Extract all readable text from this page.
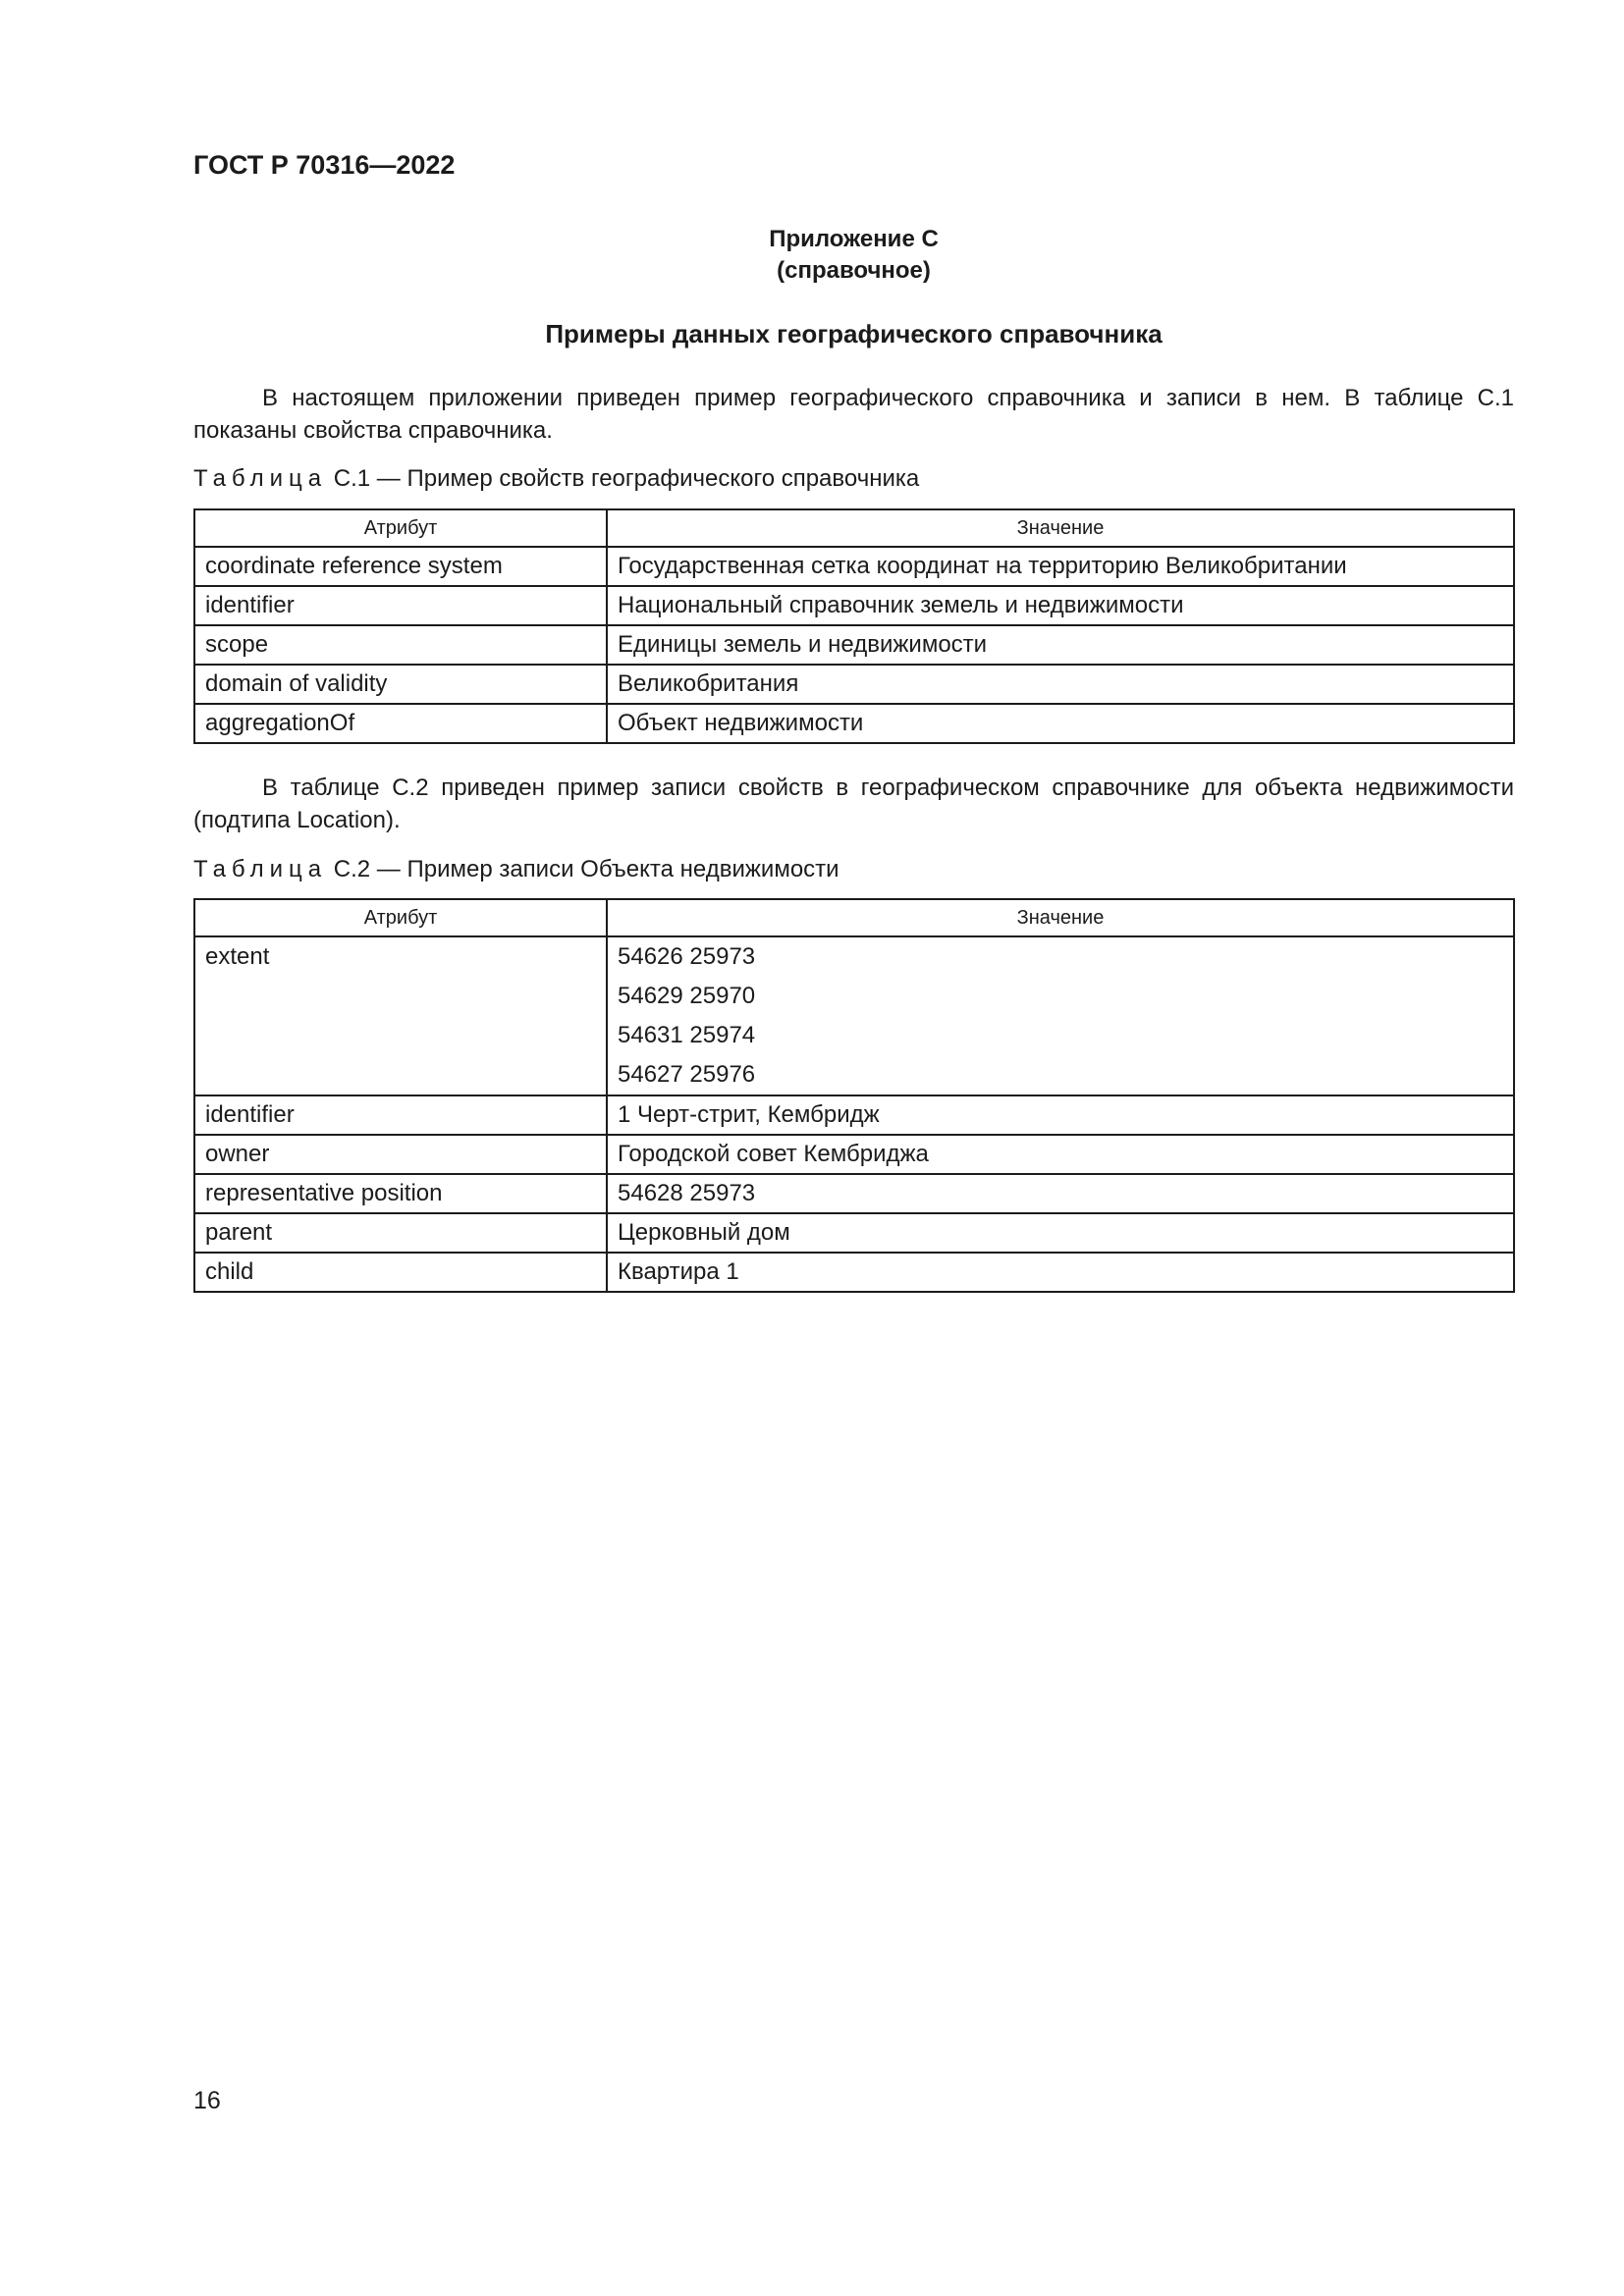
ГОСТ Р 70316—2022
Приложение С
(справочное)
Примеры данных географического справочника
В настоящем приложении приведен пример географического справочника и записи в нем. В таблице С.1 показаны свойства справочника.
Таблица С.1 — Пример свойств географического справочника
Атрибут	Значение
coordinate reference system	Государственная сетка координат на территорию Великобритании
identifier	Национальный справочник земель и недвижимости
scope	Единицы земель и недвижимости
domain of validity	Великобритания
aggregationOf	Объект недвижимости
В таблице С.2 приведен пример записи свойств в географическом справочнике для объекта недвижимости (подтипа Location).
Таблица С.2 — Пример записи Объекта недвижимости
Атрибут	Значение

extent	54626 25973
54629 25970
54631 25974
54627 25976

identifier	1 Черт-стрит, Кембридж
owner	Городской совет Кембриджа
representative position	54628 25973
parent	Церковный дом
child	Квартира 1
16
